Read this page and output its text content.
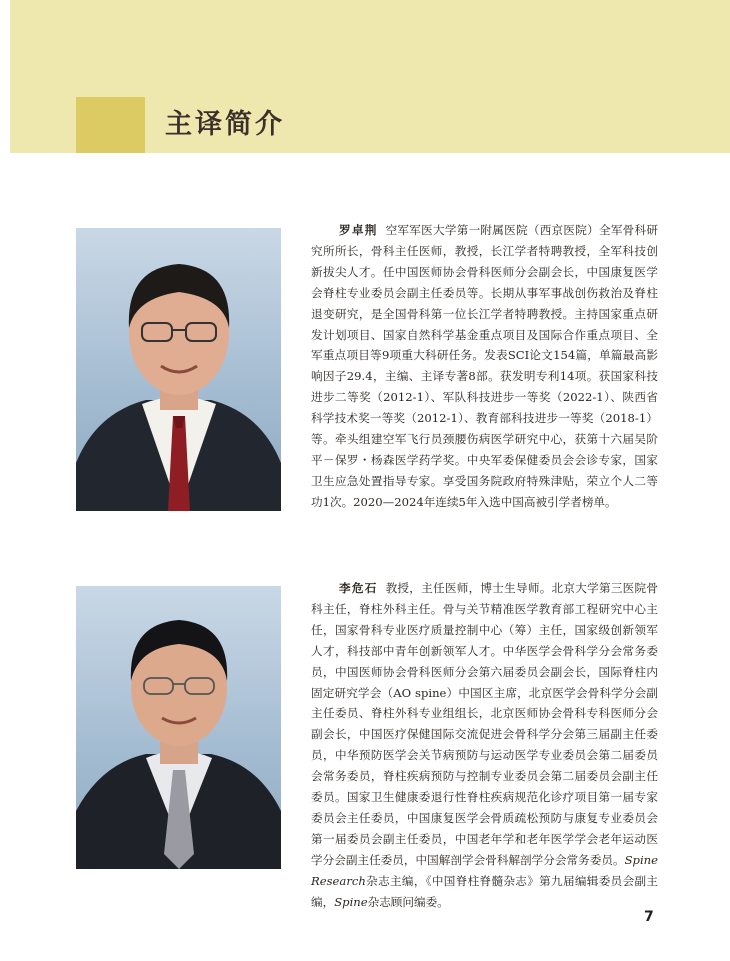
主译简介

罗卓荆 空军军医大学第一附属医院（西京医院）全军骨科研究所所长，骨科主任医师，教授，长江学者特聘教授，全军科技创新拔尖人才。任中国医师协会骨科医师分会副会长，中国康复医学会脊柱专业委员会副主任委员等。长期从事军事战创伤救治及脊柱退变研究，是全国骨科第一位长江学者特聘教授。主持国家重点研发计划项目、国家自然科学基金重点项目及国际合作重点项目、全军重点项目等9项重大科研任务。发表SCI论文154篇，单篇最高影响因子29.4，主编、主译专著8部。获发明专利14项。获国家科技进步二等奖（2012-1）、军队科技进步一等奖（2022-1）、陕西省科学技术奖一等奖（2012-1）、教育部科技进步一等奖（2018-1）等。牵头组建空军飞行员颈腰伤病医学研究中心，获第十六届吴阶平－保罗・杨森医学药学奖。中央军委保健委员会会诊专家，国家卫生应急处置指导专家。享受国务院政府特殊津贴，荣立个人二等功1次。2020—2024年连续5年入选中国高被引学者榜单。

李危石 教授，主任医师，博士生导师。北京大学第三医院骨科主任，脊柱外科主任。骨与关节精准医学教育部工程研究中心主任，国家骨科专业医疗质量控制中心（筹）主任，国家级创新领军人才，科技部中青年创新领军人才。中华医学会骨科学分会常务委员，中国医师协会骨科医师分会第六届委员会副会长，国际脊柱内固定研究学会（AO spine）中国区主席，北京医学会骨科学分会副主任委员、脊柱外科专业组组长，北京医师协会骨科专科医师分会副会长，中国医疗保健国际交流促进会骨科学分会第三届副主任委员，中华预防医学会关节病预防与运动医学专业委员会第二届委员会常务委员，脊柱疾病预防与控制专业委员会第二届委员会副主任委员。国家卫生健康委退行性脊柱疾病规范化诊疗项目第一届专家委员会主任委员，中国康复医学会骨质疏松预防与康复专业委员会第一届委员会副主任委员，中国老年学和老年医学学会老年运动医学分会副主任委员，中国解剖学会骨科解剖学分会常务委员。Spine Research杂志主编，《中国脊柱脊髓杂志》第九届编辑委员会副主编，Spine杂志顾问编委。

7
